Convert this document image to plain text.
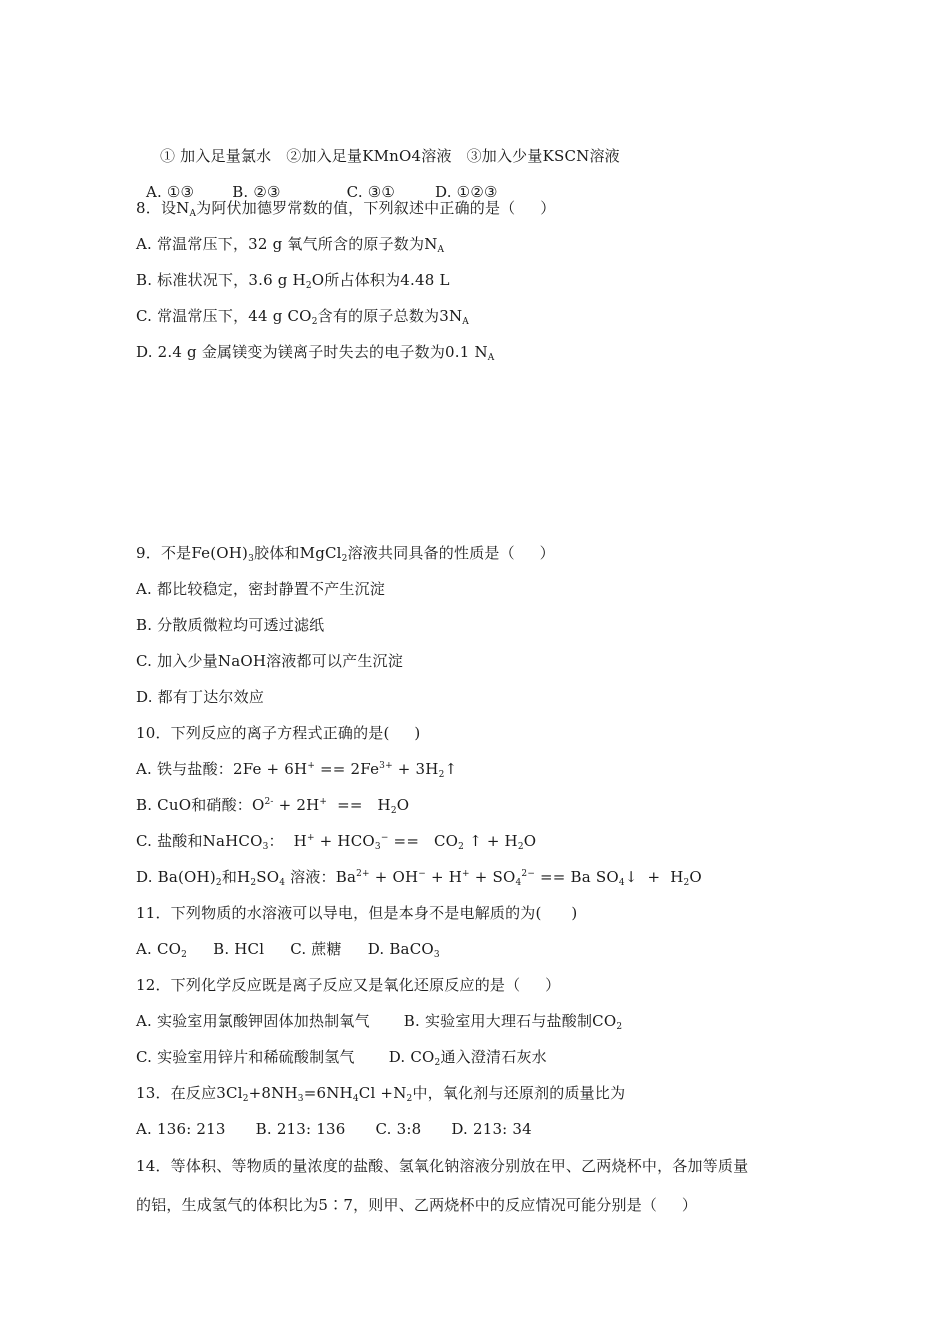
① 加入足量氯水   ②加入足量KMnO4溶液   ③加入少量KSCN溶液

A. ①③	B. ②③	C. ③①	D. ①②③

8．设$N_A$为阿伏加德罗常数的值，下列叙述中正确的是（     ）
A. 常温常压下，32 g 氧气所含的原子数为$N_A$
B. 标准状况下，3.6 g $H_2O$所占体积为4.48 L
C. 常温常压下，44 g $CO_2$含有的原子总数为$3N_A$
D. 2.4 g 金属镁变为镁离子时失去的电子数为0.1 $N_A$
9．不是$Fe(OH)_3$胶体和MgCl$_2$溶液共同具备的性质是（     ）
A. 都比较稳定，密封静置不产生沉淀
B. 分散质微粒均可透过滤纸
C. 加入少量NaOH溶液都可以产生沉淀
D. 都有丁达尔效应
10．下列反应的离子方程式正确的是(     )
A. 铁与盐酸：$2Fe + 6H^+ == 2Fe^{3+}$ + $3H_2↑$
B. CuO和硝酸：$O^{2-} + 2H^+ == H_2O$
C. 盐酸和NaHCO$_3$：  $H^+ + HCO_3^- == CO_2$ ↑ + $H_2O$
D. $Ba(OH)_2$和$H_2SO_4$ 溶液：$Ba^{2+} + OH^- + H^+ + SO_4^{2-} == Ba$ $SO_4↓ + H_2O$
11．下列物质的水溶液可以导电，但是本身不是电解质的为(      )
A. $CO_2$ B. HCl C. 蔗糖 D. BaCO$_3$
12．下列化学反应既是离子反应又是氧化还原反应的是（     ）
A. 实验室用氯酸钾固体加热制氧气 B. 实验室用大理石与盐酸制$CO_2$
C. 实验室用锌片和稀硫酸制氢气 D. $CO_2$通入澄清石灰水
13．在反应$3Cl_2+8NH_3=6NH_4Cl +N_2$中，氧化剂与还原剂的质量比为
A. 136: 213 B. 213: 136 C. 3:8 D. 213: 34
14．等体积、等物质的量浓度的盐酸、氢氧化钠溶液分别放在甲、乙两烧杯中，各加等质量
的铝，生成氢气的体积比为5∶7，则甲、乙两烧杯中的反应情况可能分别是（     ）
